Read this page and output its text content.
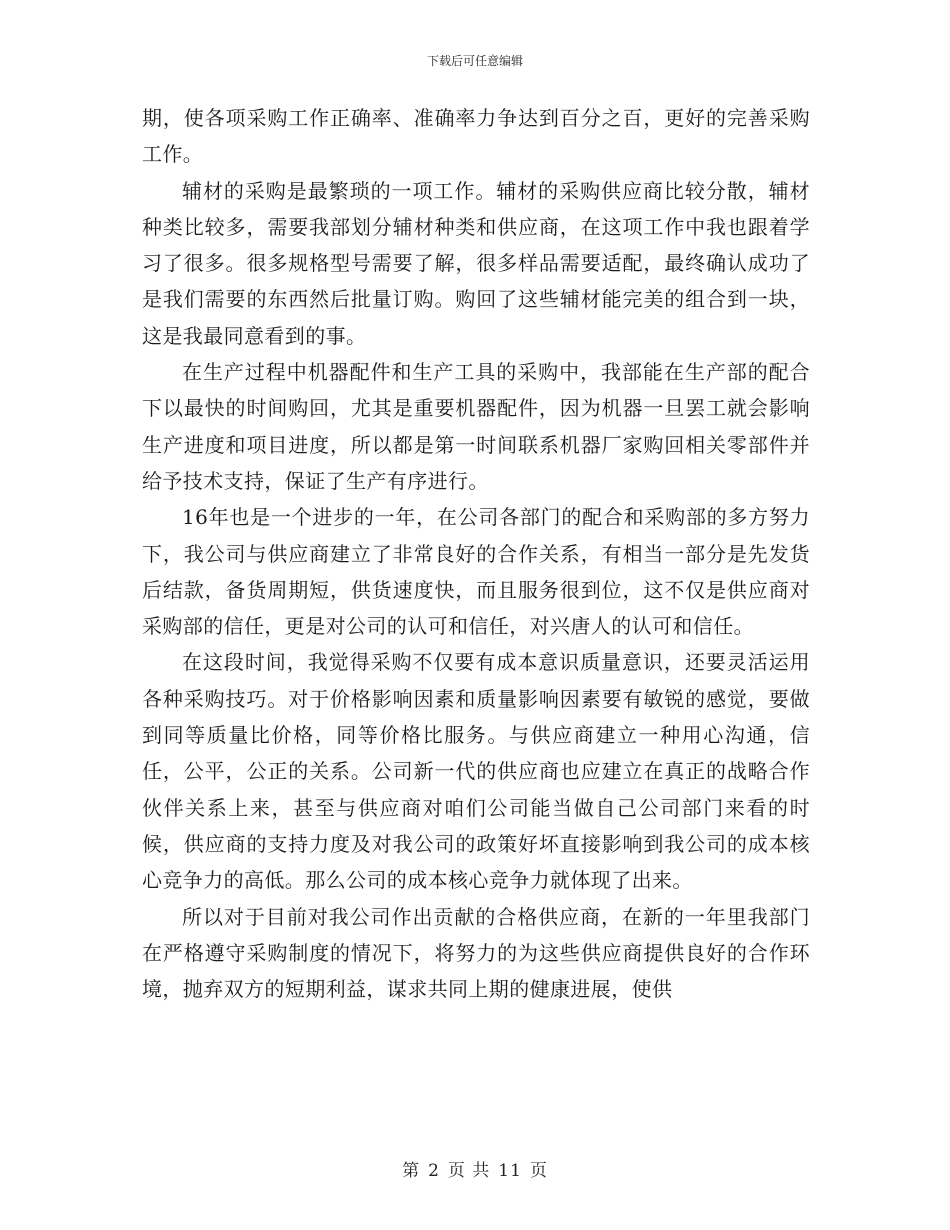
下载后可任意编辑

期，使各项采购工作正确率、准确率力争达到百分之百，更好的完善采购工作。

辅材的采购是最繁琐的一项工作。辅材的采购供应商比较分散，辅材种类比较多，需要我部划分辅材种类和供应商，在这项工作中我也跟着学习了很多。很多规格型号需要了解，很多样品需要适配，最终确认成功了是我们需要的东西然后批量订购。购回了这些辅材能完美的组合到一块，这是我最同意看到的事。

在生产过程中机器配件和生产工具的采购中，我部能在生产部的配合下以最快的时间购回，尤其是重要机器配件，因为机器一旦罢工就会影响生产进度和项目进度，所以都是第一时间联系机器厂家购回相关零部件并给予技术支持，保证了生产有序进行。

16年也是一个进步的一年，在公司各部门的配合和采购部的多方努力下，我公司与供应商建立了非常良好的合作关系，有相当一部分是先发货后结款，备货周期短，供货速度快，而且服务很到位，这不仅是供应商对采购部的信任，更是对公司的认可和信任，对兴唐人的认可和信任。

在这段时间，我觉得采购不仅要有成本意识质量意识，还要灵活运用各种采购技巧。对于价格影响因素和质量影响因素要有敏锐的感觉，要做到同等质量比价格，同等价格比服务。与供应商建立一种用心沟通，信任，公平，公正的关系。公司新一代的供应商也应建立在真正的战略合作伙伴关系上来，甚至与供应商对咱们公司能当做自己公司部门来看的时候，供应商的支持力度及对我公司的政策好坏直接影响到我公司的成本核心竞争力的高低。那么公司的成本核心竞争力就体现了出来。

所以对于目前对我公司作出贡献的合格供应商，在新的一年里我部门在严格遵守采购制度的情况下，将努力的为这些供应商提供良好的合作环境，抛弃双方的短期利益，谋求共同上期的健康进展，使供

第 2 页 共 11 页
